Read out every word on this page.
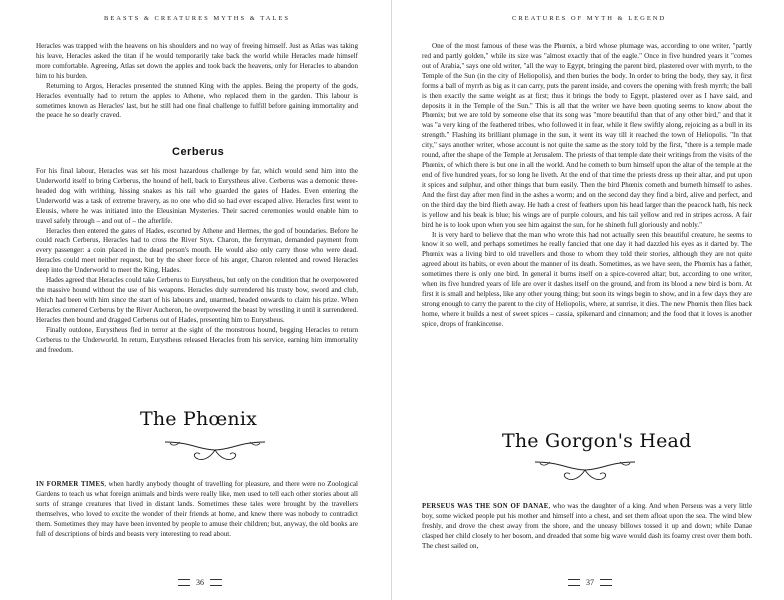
BEASTS & CREATURES MYTHS & TALES

Heracles was trapped with the heavens on his shoulders and no way of freeing himself. Just as Atlas was taking his leave, Heracles asked the titan if he would temporarily take back the world while Heracles made himself more comfortable. Agreeing, Atlas set down the apples and took back the heavens, only for Heracles to abandon him to his burden.

Returning to Argos, Heracles presented the stunned King with the apples. Being the property of the gods, Heracles eventually had to return the apples to Athene, who replaced them in the garden. This labour is sometimes known as Heracles' last, but he still had one final challenge to fulfill before gaining immortality and the peace he so dearly craved.

Cerberus

For his final labour, Heracles was set his most hazardous challenge by far, which would send him into the Underworld itself to bring Cerberus, the hound of hell, back to Eurystheus alive. Cerberus was a demonic three-headed dog with writhing, hissing snakes as his tail who guarded the gates of Hades. Even entering the Underworld was a task of extreme bravery, as no one who did so had ever escaped alive. Heracles first went to Eleusis, where he was initiated into the Eleusinian Mysteries. Their sacred ceremonies would enable him to travel safely through – and out of – the afterlife.

Heracles then entered the gates of Hades, escorted by Athene and Hermes, the god of boundaries. Before he could reach Cerberus, Heracles had to cross the River Styx. Charon, the ferryman, demanded payment from every passenger: a coin placed in the dead person's mouth. He would also only carry those who were dead. Heracles could meet neither request, but by the sheer force of his anger, Charon relented and rowed Heracles deep into the Underworld to meet the King, Hades.

Hades agreed that Heracles could take Cerberus to Eurystheus, but only on the condition that he overpowered the massive hound without the use of his weapons. Heracles duly surrendered his trusty bow, sword and club, which had been with him since the start of his labours and, unarmed, headed onwards to claim his prize. When Heracles cornered Cerberus by the River Aucheron, he overpowered the beast by wrestling it until it surrendered. Heracles then bound and dragged Cerberus out of Hades, presenting him to Eurystheus.

Finally outdone, Eurystheus fled in terror at the sight of the monstrous hound, begging Heracles to return Cerberus to the Underworld. In return, Eurystheus released Heracles from his service, earning him immortality and freedom.

The Phœnix

IN FORMER TIMES, when hardly anybody thought of travelling for pleasure, and there were no Zoological Gardens to teach us what foreign animals and birds were really like, men used to tell each other stories about all sorts of strange creatures that lived in distant lands. Sometimes these tales were brought by the travellers themselves, who loved to excite the wonder of their friends at home, and knew there was nobody to contradict them. Sometimes they may have been invented by people to amuse their children; but, anyway, the old books are full of descriptions of birds and beasts very interesting to read about.

36
CREATURES OF MYTH & LEGEND

One of the most famous of these was the Phœnix, a bird whose plumage was, according to one writer, "partly red and partly golden," while its size was "almost exactly that of the eagle." Once in five hundred years it "comes out of Arabia," says one old writer, "all the way to Egypt, bringing the parent bird, plastered over with myrrh, to the Temple of the Sun (in the city of Heliopolis), and then buries the body. In order to bring the body, they say, it first forms a ball of myrrh as big as it can carry, puts the parent inside, and covers the opening with fresh myrrh; the ball is then exactly the same weight as at first; thus it brings the body to Egypt, plastered over as I have said, and deposits it in the Temple of the Sun." This is all that the writer we have been quoting seems to know about the Phœnix; but we are told by someone else that its song was "more beautiful than that of any other bird," and that it was "a very king of the feathered tribes, who followed it in fear, while it flew swiftly along, rejoicing as a bull in its strength." Flashing its brilliant plumage in the sun, it went its way till it reached the town of Heliopolis. "In that city," says another writer, whose account is not quite the same as the story told by the first, "there is a temple made round, after the shape of the Temple at Jerusalem. The priests of that temple date their writings from the visits of the Phœnix, of which there is but one in all the world. And he cometh to burn himself upon the altar of the temple at the end of five hundred years, for so long he liveth. At the end of that time the priests dress up their altar, and put upon it spices and sulphur, and other things that burn easily. Then the bird Phœnix cometh and burneth himself to ashes. And the first day after men find in the ashes a worm; and on the second day they find a bird, alive and perfect, and on the third day the bird flieth away. He hath a crest of feathers upon his head larger than the peacock hath, his neck is yellow and his beak is blue; his wings are of purple colours, and his tail yellow and red in stripes across. A fair bird he is to look upon when you see him against the sun, for he shineth full gloriously and nobly."

It is very hard to believe that the man who wrote this had not actually seen this beautiful creature, he seems to know it so well, and perhaps sometimes he really fancied that one day it had dazzled his eyes as it darted by. The Phœnix was a living bird to old travellers and those to whom they told their stories, although they are not quite agreed about its habits, or even about the manner of its death. Sometimes, as we have seen, the Phœnix has a father, sometimes there is only one bird. In general it burns itself on a spice-covered altar; but, according to one writer, when its five hundred years of life are over it dashes itself on the ground, and from its blood a new bird is born. At first it is small and helpless, like any other young thing; but soon its wings begin to show, and in a few days they are strong enough to carry the parent to the city of Heliopolis, where, at sunrise, it dies. The new Phœnix then flies back home, where it builds a nest of sweet spices – cassia, spikenard and cinnamon; and the food that it loves is another spice, drops of frankincense.

The Gorgon's Head

PERSEUS WAS THE SON OF DANAE, who was the daughter of a king. And when Perseus was a very little boy, some wicked people put his mother and himself into a chest, and set them afloat upon the sea. The wind blew freshly, and drove the chest away from the shore, and the uneasy billows tossed it up and down; while Danae clasped her child closely to her bosom, and dreaded that some big wave would dash its foamy crest over them both. The chest sailed on,

37
